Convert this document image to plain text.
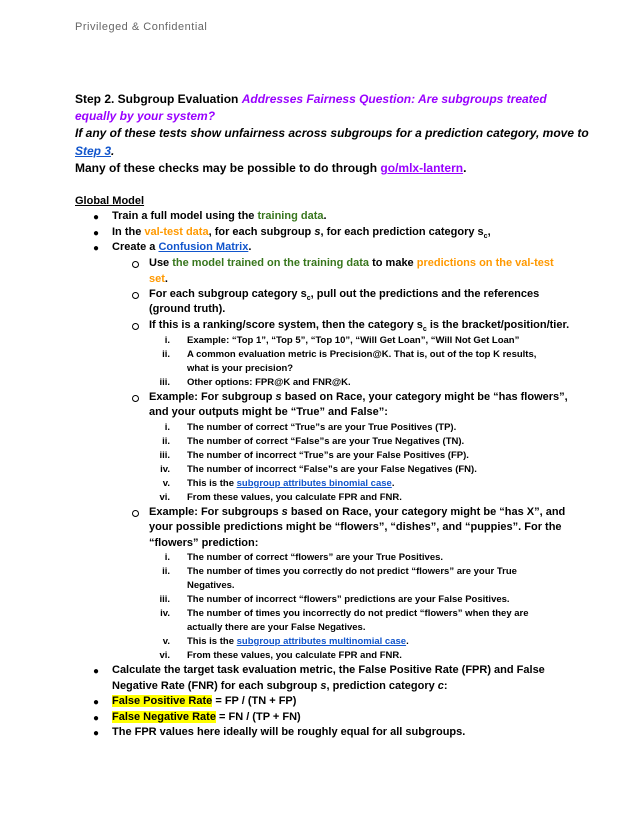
Privileged & Confidential
Step 2. Subgroup Evaluation Addresses Fairness Question: Are subgroups treated
equally by your system?
If any of these tests show unfairness across subgroups for a prediction category, move to
Step 3.
Many of these checks may be possible to do through go/mlx-lantern.
Global Model
● Train a full model using the training data.
● In the val-test data, for each subgroup s, for each prediction category $s_c$,
● Create a Confusion Matrix.
Use the model trained on the training data to make predictions on the val-test
set.
For each subgroup category $s_c$, pull out the predictions and the references
(ground truth).
If this is a ranking/score system, then the category $s_c$ is the bracket/position/tier.
i. Example: “Top 1”, “Top 5”, “Top 10”, “Will Get Loan”, “Will Not Get Loan”
ii. A common evaluation metric is Precision@K. That is, out of the top K results,
what is your precision?
iii. Other options: FPR@K and FNR@K.
Example: For subgroup s based on Race, your category might be “has flowers”,
and your outputs might be “True” and False”:
i. The number of correct “True”s are your True Positives (TP).
ii. The number of correct “False”s are your True Negatives (TN).
iii. The number of incorrect “True”s are your False Positives (FP).
iv. The number of incorrect “False”s are your False Negatives (FN).
v. This is the subgroup attributes binomial case.
vi. From these values, you calculate FPR and FNR.
Example: For subgroups s based on Race, your category might be “has X”, and
your possible predictions might be “flowers”, “dishes”, and “puppies”. For the
“flowers” prediction:
i. The number of correct “flowers” are your True Positives.
ii. The number of times you correctly do not predict “flowers” are your True
Negatives.
iii. The number of incorrect “flowers” predictions are your False Positives.
iv. The number of times you incorrectly do not predict “flowers” when they are
actually there are your False Negatives.
v. This is the subgroup attributes multinomial case.
vi. From these values, you calculate FPR and FNR.
● Calculate the target task evaluation metric, the False Positive Rate (FPR) and False
Negative Rate (FNR) for each subgroup s, prediction category c:
● False Positive Rate = FP / (TN + FP)
● False Negative Rate = FN / (TP + FN)
● The FPR values here ideally will be roughly equal for all subgroups.
